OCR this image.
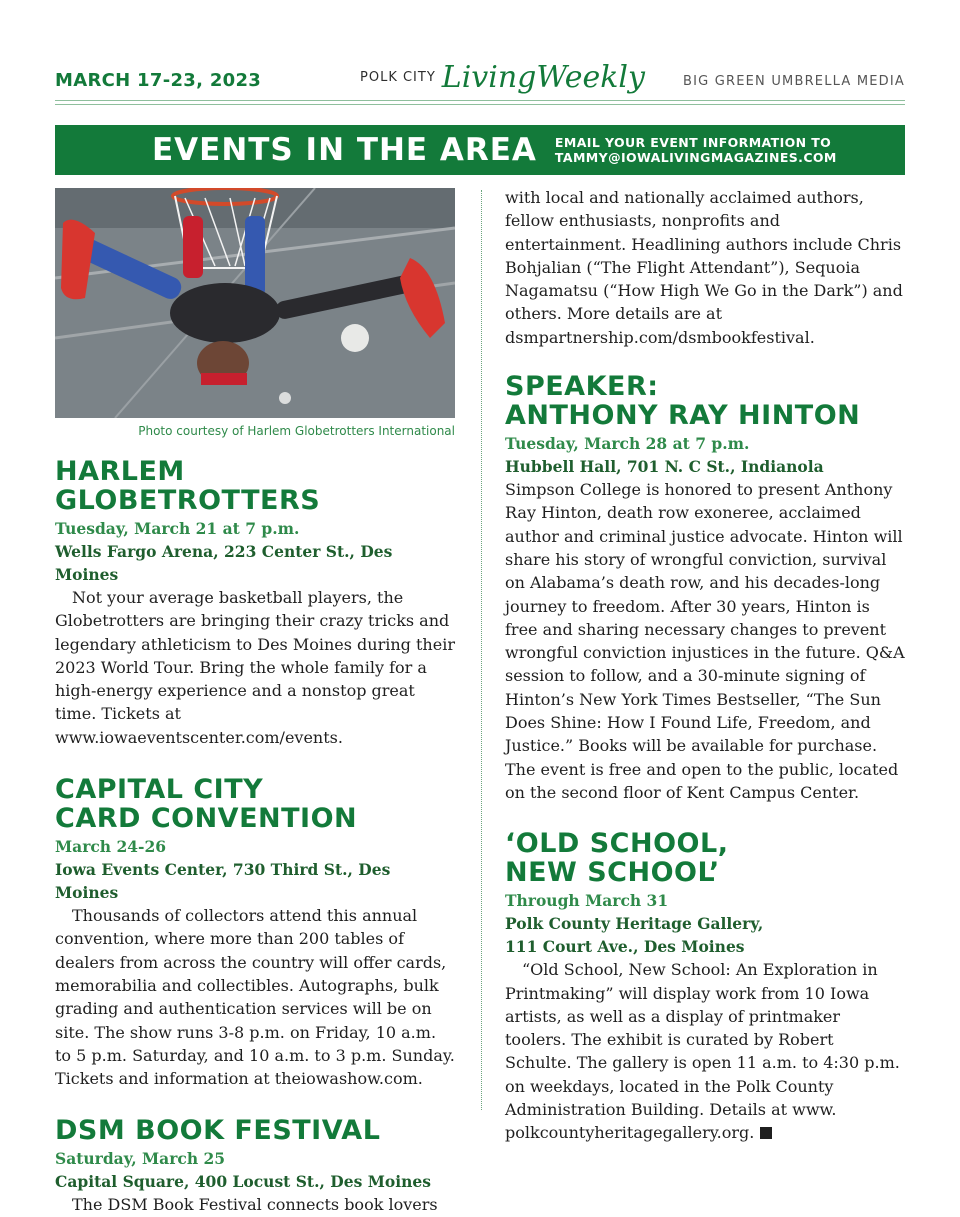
MARCH 17-23, 2023	POLK CITY LivingWeekly	BIG GREEN UMBRELLA MEDIA
EVENTS IN THE AREA EMAIL YOUR EVENT INFORMATION TO
TAMMY@IOWALIVINGMAGAZINES.COM
Photo courtesy of Harlem Globetrotters International
HARLEM GLOBETROTTERS

Tuesday, March 21 at 7 p.m.

Wells Fargo Arena, 223 Center St., Des Moines

Not your average basketball players, the Globetrotters are bringing their crazy tricks and legendary athleticism to Des Moines during their 2023 World Tour. Bring the whole family for a high-energy experience and a nonstop great time. Tickets at www.iowaeventscenter.com/events.

CAPITAL CITY
CARD CONVENTION

March 24-26

Iowa Events Center, 730 Third St., Des Moines

Thousands of collectors attend this annual convention, where more than 200 tables of dealers from across the country will offer cards, memorabilia and collectibles. Autographs, bulk grading and authentication services will be on site. The show runs 3-8 p.m. on Friday, 10 a.m. to 5 p.m. Saturday, and 10 a.m. to 3 p.m. Sunday. Tickets and information at theiowashow.com.

DSM BOOK FESTIVAL

Saturday, March 25

Capital Square, 400 Locust St., Des Moines

The DSM Book Festival connects book lovers

with local and nationally acclaimed authors, fellow enthusiasts, nonprofits and entertainment. Headlining authors include Chris Bohjalian (“The Flight Attendant”), Sequoia Nagamatsu (“How High We Go in the Dark”) and others. More details are at dsmpartnership.com/dsmbookfestival.

SPEAKER:
ANTHONY RAY HINTON

Tuesday, March 28 at 7 p.m.

Hubbell Hall, 701 N. C St., Indianola

Simpson College is honored to present Anthony Ray Hinton, death row exoneree, acclaimed author and criminal justice advocate. Hinton will share his story of wrongful conviction, survival on Alabama’s death row, and his decades-long journey to freedom. After 30 years, Hinton is free and sharing necessary changes to prevent wrongful conviction injustices in the future. Q&A session to follow, and a 30-minute signing of Hinton’s New York Times Bestseller, “The Sun Does Shine: How I Found Life, Freedom, and Justice.” Books will be available for purchase. The event is free and open to the public, located on the second floor of Kent Campus Center.

‘OLD SCHOOL,
NEW SCHOOL’

Through March 31

Polk County Heritage Gallery,
111 Court Ave., Des Moines

“Old School, New School: An Exploration in Printmaking” will display work from 10 Iowa artists, as well as a display of printmaker toolers. The exhibit is curated by Robert Schulte. The gallery is open 11 a.m. to 4:30 p.m. on weekdays, located in the Polk County Administration Building. Details at www. polkcountyheritagegallery.org.
